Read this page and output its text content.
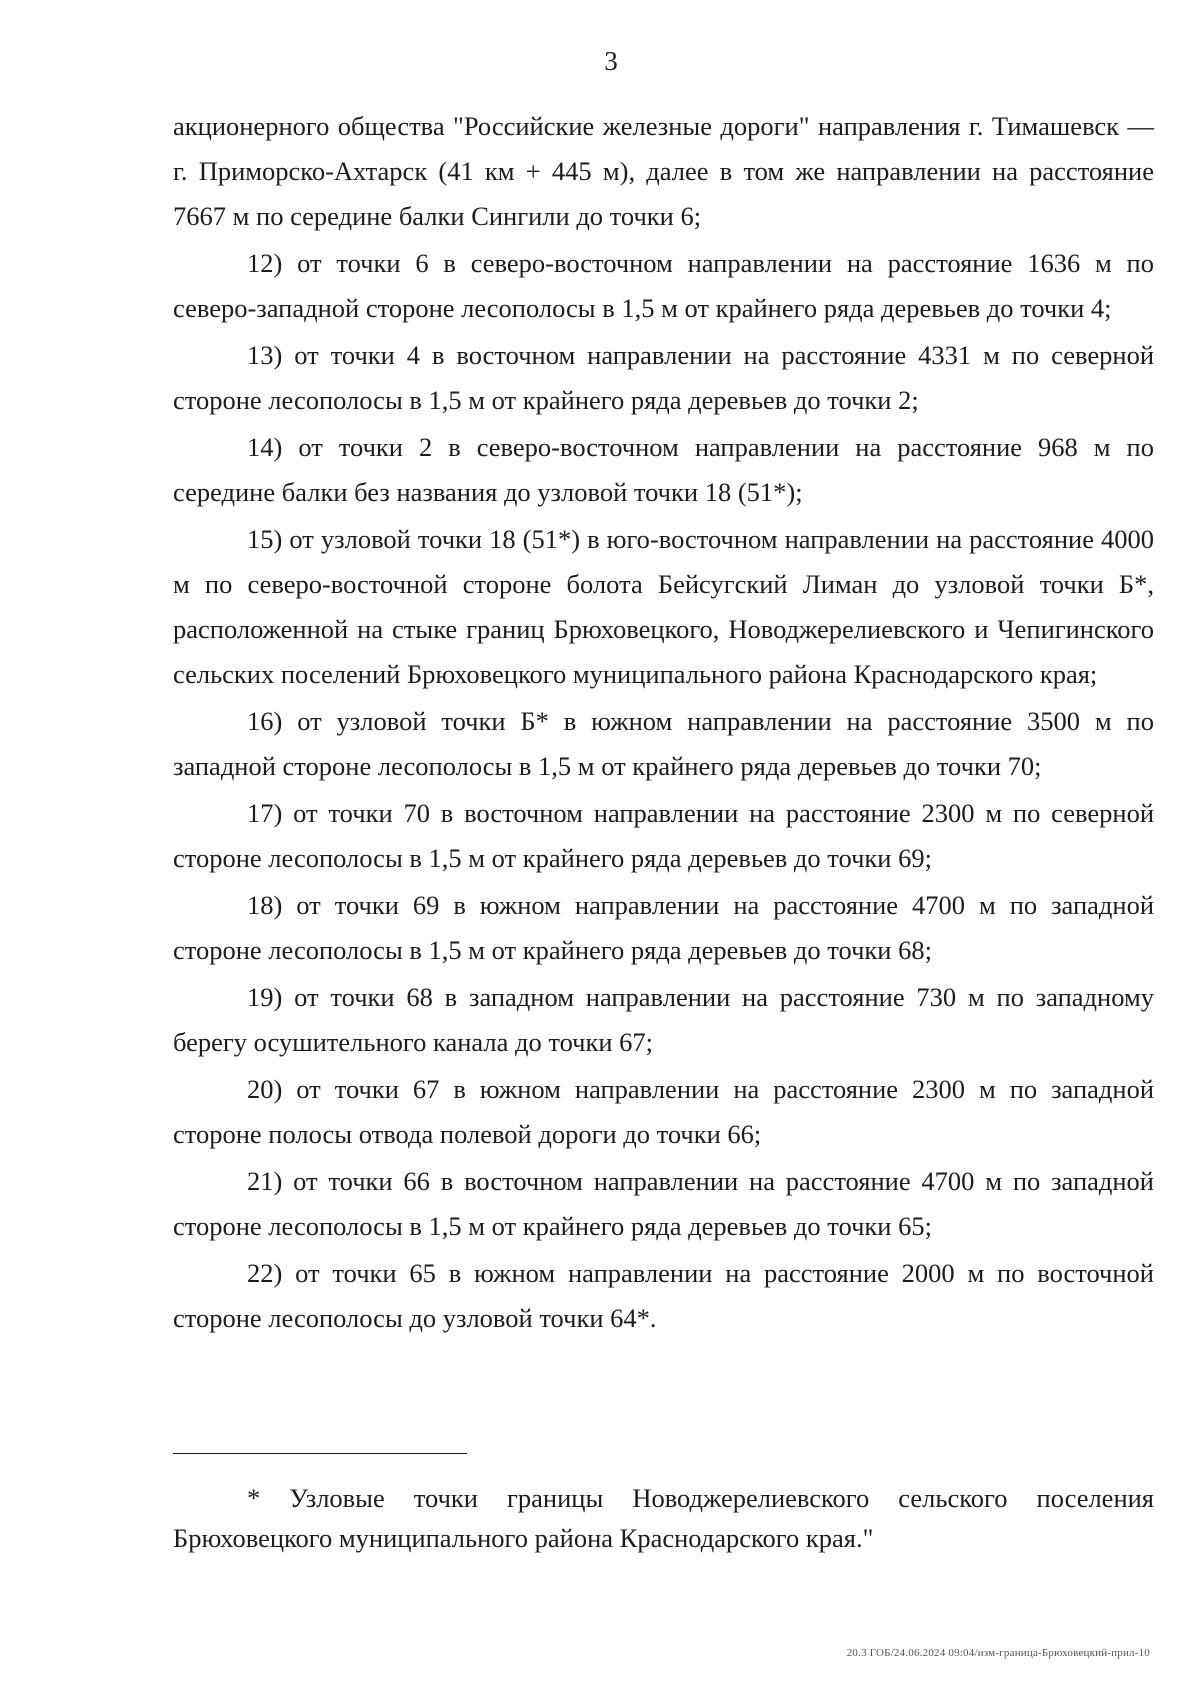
3

акционерного общества "Российские железные дороги" направления г. Тимашевск — г. Приморско-Ахтарск (41 км + 445 м), далее в том же направлении на расстояние 7667 м по середине балки Сингили до точки 6;

12) от точки 6 в северо-восточном направлении на расстояние 1636 м по северо-западной стороне лесополосы в 1,5 м от крайнего ряда деревьев до точки 4;

13) от точки 4 в восточном направлении на расстояние 4331 м по северной стороне лесополосы в 1,5 м от крайнего ряда деревьев до точки 2;

14) от точки 2 в северо-восточном направлении на расстояние 968 м по середине балки без названия до узловой точки 18 (51*);

15) от узловой точки 18 (51*) в юго-восточном направлении на расстояние 4000 м по северо-восточной стороне болота Бейсугский Лиман до узловой точки Б*, расположенной на стыке границ Брюховецкого, Новоджерелиевского и Чепигинского сельских поселений Брюховецкого муниципального района Краснодарского края;

16) от узловой точки Б* в южном направлении на расстояние 3500 м по западной стороне лесополосы в 1,5 м от крайнего ряда деревьев до точки 70;

17) от точки 70 в восточном направлении на расстояние 2300 м по северной стороне лесополосы в 1,5 м от крайнего ряда деревьев до точки 69;

18) от точки 69 в южном направлении на расстояние 4700 м по западной стороне лесополосы в 1,5 м от крайнего ряда деревьев до точки 68;

19) от точки 68 в западном направлении на расстояние 730 м по западному берегу осушительного канала до точки 67;

20) от точки 67 в южном направлении на расстояние 2300 м по западной стороне полосы отвода полевой дороги до точки 66;

21) от точки 66 в восточном направлении на расстояние 4700 м по западной стороне лесополосы в 1,5 м от крайнего ряда деревьев до точки 65;

22) от точки 65 в южном направлении на расстояние 2000 м по восточной стороне лесополосы до узловой точки 64*.

* Узловые точки границы Новоджерелиевского сельского поселения Брюховецкого муниципального района Краснодарского края."
20.3 ГОБ/24.06.2024 09:04/изм-граница-Брюховецкий-прил-10
